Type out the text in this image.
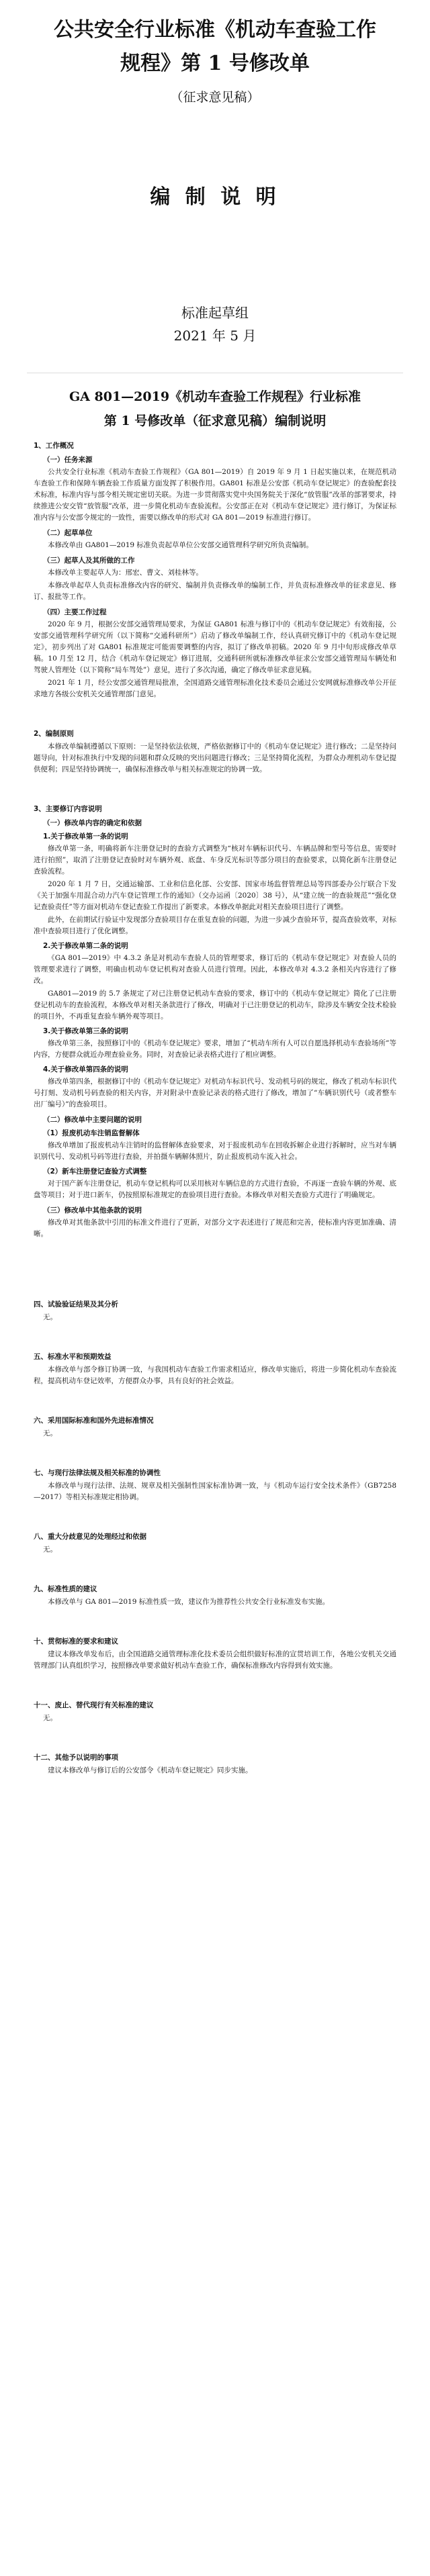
公共安全行业标准《机动车查验工作
规程》第 1 号修改单
（征求意见稿）
编 制 说 明
标准起草组
2021 年 5 月
GA 801—2019《机动车查验工作规程》行业标准
第 1 号修改单（征求意见稿）编制说明
1、工作概况
（一）任务来源

公共安全行业标准《机动车查验工作规程》（GA 801—2019）自 2019 年 9 月 1 日起实施以来，在规范机动车查验工作和保障车辆查验工作质量方面发挥了积极作用。GA801 标准是公安部《机动车登记规定》的查验配套技术标准，标准内容与部令相关规定密切关联。为进一步贯彻落实党中央国务院关于深化“放管服”改革的部署要求，持续推进公安交管“放管服”改革，进一步简化机动车查验流程。公安部正在对《机动车登记规定》进行修订，为保证标准内容与公安部令规定的一致性，需要以修改单的形式对 GA 801—2019 标准进行修订。

（二）起草单位

本修改单由 GA801—2019 标准负责起草单位公安部交通管理科学研究所负责编制。

（三）起草人及其所做的工作

本修改单主要起草人为：邢宏、曹文、刘桂林等。

本修改单起草人负责标准修改内容的研究、编制并负责修改单的编制工作，并负责标准修改单的征求意见、修订、报批等工作。

（四）主要工作过程

2020 年 9 月，根据公安部交通管理局要求，为保证 GA801 标准与修订中的《机动车登记规定》有效衔接，公安部交通管理科学研究所（以下简称“交通科研所”）启动了修改单编制工作，经认真研究修订中的《机动车登记规定》，初步列出了对 GA801 标准规定可能需要调整的内容，拟订了修改单初稿。2020 年 9 月中旬形成修改单草稿。10 月至 12 月，结合《机动车登记规定》修订进展，交通科研所就标准修改单征求公安部交通管理局车辆处和驾驶人管理处（以下简称“局车驾处”）意见，进行了多次沟通，确定了修改单征求意见稿。

2021 年 1 月，经公安部交通管理局批准，全国道路交通管理标准化技术委员会通过公安网就标准修改单公开征求地方各级公安机关交通管理部门意见。

2、编制原则

本修改单编制遵循以下原则：一是坚持依法依规，严格依据修订中的《机动车登记规定》进行修改；二是坚持问题导向，针对标准执行中发现的问题和群众反映的突出问题进行修改；三是坚持简化流程，为群众办理机动车登记提供便利；四是坚持协调统一，确保标准修改单与相关标准规定的协调一致。

3、主要修订内容说明
（一）修改单内容的确定和依据
1.关于修改单第一条的说明

修改单第一条，明确将新车注册登记时的查验方式调整为“核对车辆标识代号、车辆品牌和型号等信息，需要时进行拍照”，取消了注册登记查验时对车辆外观、底盘、车身反光标识等部分项目的查验要求，以简化新车注册登记查验流程。

2020 年 1 月 7 日，交通运输部、工业和信息化部、公安部、国家市场监督管理总局等四部委办公厅联合下发《关于加强车用混合动力汽车登记管理工作的通知》（交办运函〔2020〕38 号），从“建立统一的查验规范”“强化登记查验责任”等方面对机动车登记查验工作提出了新要求。本修改单据此对相关查验项目进行了调整。

此外，在前期试行验证中发现部分查验项目存在重复查验的问题，为进一步减少查验环节，提高查验效率，对标准中查验项目进行了优化调整。

2.关于修改单第二条的说明

《GA 801—2019》中 4.3.2 条是对机动车查验人员的管理要求，修订后的《机动车登记规定》对查验人员的管理要求进行了调整，明确由机动车登记机构对查验人员进行管理。因此，本修改单对 4.3.2 条相关内容进行了修改。

GA801—2019 的 5.7 条规定了对已注册登记机动车查验的要求，修订中的《机动车登记规定》简化了已注册登记机动车的查验流程，本修改单对相关条款进行了修改，明确对于已注册登记的机动车，除涉及车辆安全技术检验的项目外，不再重复查验车辆外观等项目。

3.关于修改单第三条的说明

修改单第三条，按照修订中的《机动车登记规定》要求，增加了“机动车所有人可以自愿选择机动车查验场所”等内容，方便群众就近办理查验业务。同时，对查验记录表格式进行了相应调整。

4.关于修改单第四条的说明

修改单第四条，根据修订中的《机动车登记规定》对机动车标识代号、发动机号码的规定，修改了机动车标识代号打刻、发动机号码查验的相关内容，并对附录中查验记录表的格式进行了修改，增加了“车辆识别代号（或者整车出厂编号）”的查验项目。

（二）修改单中主要问题的说明
（1）报废机动车注销监督解体

修改单增加了报废机动车注销时的监督解体查验要求，对于报废机动车在回收拆解企业进行拆解时，应当对车辆识别代号、发动机号码等进行查验，并拍摄车辆解体照片，防止报废机动车流入社会。

（2）新车注册登记查验方式调整

对于国产新车注册登记，机动车登记机构可以采用核对车辆信息的方式进行查验，不再逐一查验车辆的外观、底盘等项目；对于进口新车，仍按照原标准规定的查验项目进行查验。本修改单对相关查验方式进行了明确规定。

（三）修改单中其他条款的说明

修改单对其他条款中引用的标准文件进行了更新，对部分文字表述进行了规范和完善，使标准内容更加准确、清晰。

四、试验验证结果及其分析

无。

五、标准水平和预期效益

本修改单与部令修订协调一致，与我国机动车查验工作需求相适应，修改单实施后，将进一步简化机动车查验流程，提高机动车登记效率，方便群众办事，具有良好的社会效益。

六、采用国际标准和国外先进标准情况

无。

七、与现行法律法规及相关标准的协调性

本修改单与现行法律、法规、规章及相关强制性国家标准协调一致，与《机动车运行安全技术条件》（GB7258—2017）等相关标准规定相协调。

八、重大分歧意见的处理经过和依据

无。

九、标准性质的建议

本修改单与 GA 801—2019 标准性质一致，建议作为推荐性公共安全行业标准发布实施。

十、贯彻标准的要求和建议

建议本修改单发布后，由全国道路交通管理标准化技术委员会组织做好标准的宣贯培训工作，各地公安机关交通管理部门认真组织学习，按照修改单要求做好机动车查验工作，确保标准修改内容得到有效实施。

十一、废止、替代现行有关标准的建议

无。

十二、其他予以说明的事项

建议本修改单与修订后的公安部令《机动车登记规定》同步实施。
